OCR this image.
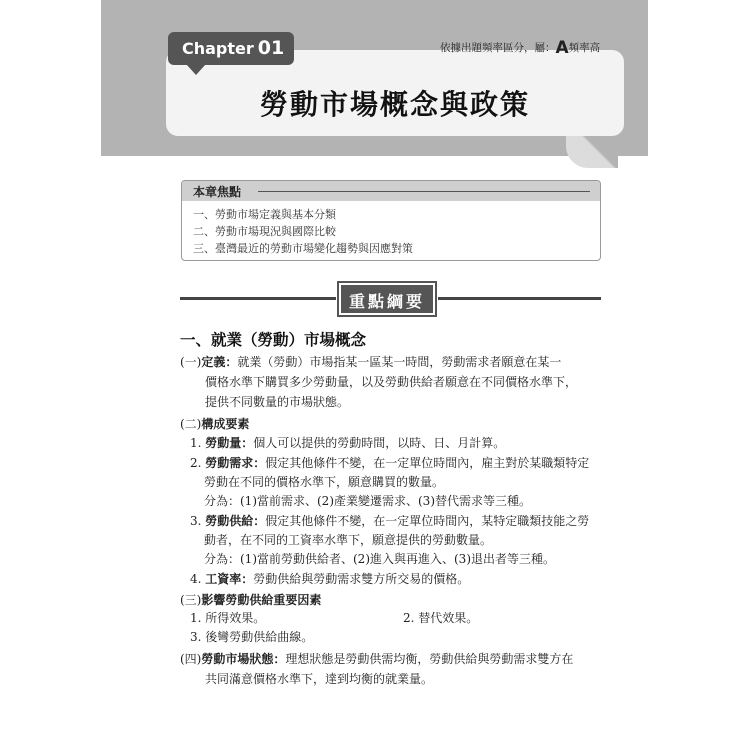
Chapter 01	依據出題頻率區分，屬：A頻率高
勞動市場概念與政策
本章焦點
一、勞動市場定義與基本分類
二、勞動市場現況與國際比較
三、臺灣最近的勞動市場變化趨勢與因應對策
重點綱要
一、就業（勞動）市場概念
(一)定義：就業（勞動）市場指某一區某一時間，勞動需求者願意在某一
價格水準下購買多少勞動量，以及勞動供給者願意在不同價格水準下，
提供不同數量的市場狀態。
(二)構成要素
1. 勞動量：個人可以提供的勞動時間，以時、日、月計算。
2. 勞動需求：假定其他條件不變，在一定單位時間內，雇主對於某職類特定
勞動在不同的價格水準下，願意購買的數量。
分為：(1)當前需求、(2)產業變遷需求、(3)替代需求等三種。
3. 勞動供給：假定其他條件不變，在一定單位時間內，某特定職類技能之勞
動者，在不同的工資率水準下，願意提供的勞動數量。
分為：(1)當前勞動供給者、(2)進入與再進入、(3)退出者等三種。
4. 工資率：勞動供給與勞動需求雙方所交易的價格。
(三)影響勞動供給重要因素
1. 所得效果。	2. 替代效果。
3. 後彎勞動供給曲線。
(四)勞動市場狀態：理想狀態是勞動供需均衡，勞動供給與勞動需求雙方在
共同滿意價格水準下，達到均衡的就業量。
